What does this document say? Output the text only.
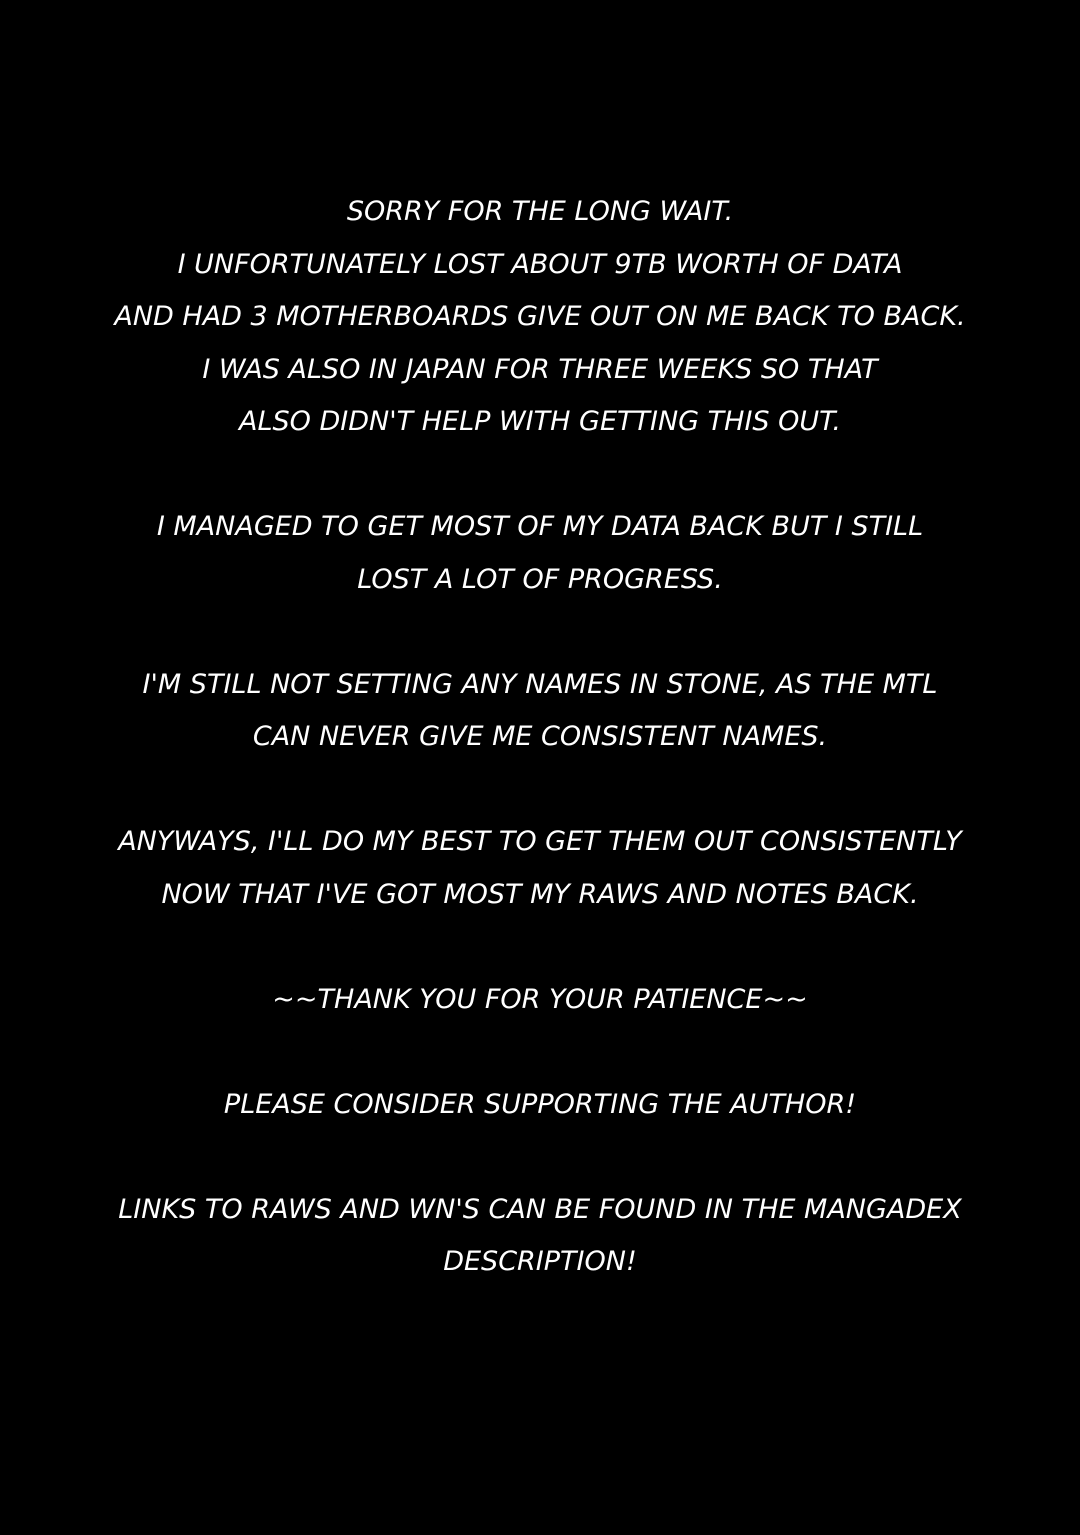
SORRY FOR THE LONG WAIT.
I UNFORTUNATELY LOST ABOUT 9TB WORTH OF DATA
AND HAD 3 MOTHERBOARDS GIVE OUT ON ME BACK TO BACK.
I WAS ALSO IN JAPAN FOR THREE WEEKS SO THAT
ALSO DIDN'T HELP WITH GETTING THIS OUT.
I MANAGED TO GET MOST OF MY DATA BACK BUT I STILL
LOST A LOT OF PROGRESS.
I'M STILL NOT SETTING ANY NAMES IN STONE, AS THE MTL
CAN NEVER GIVE ME CONSISTENT NAMES.
ANYWAYS, I'LL DO MY BEST TO GET THEM OUT CONSISTENTLY
NOW THAT I'VE GOT MOST MY RAWS AND NOTES BACK.
~~THANK YOU FOR YOUR PATIENCE~~
PLEASE CONSIDER SUPPORTING THE AUTHOR!
LINKS TO RAWS AND WN'S CAN BE FOUND IN THE MANGADEX
DESCRIPTION!
